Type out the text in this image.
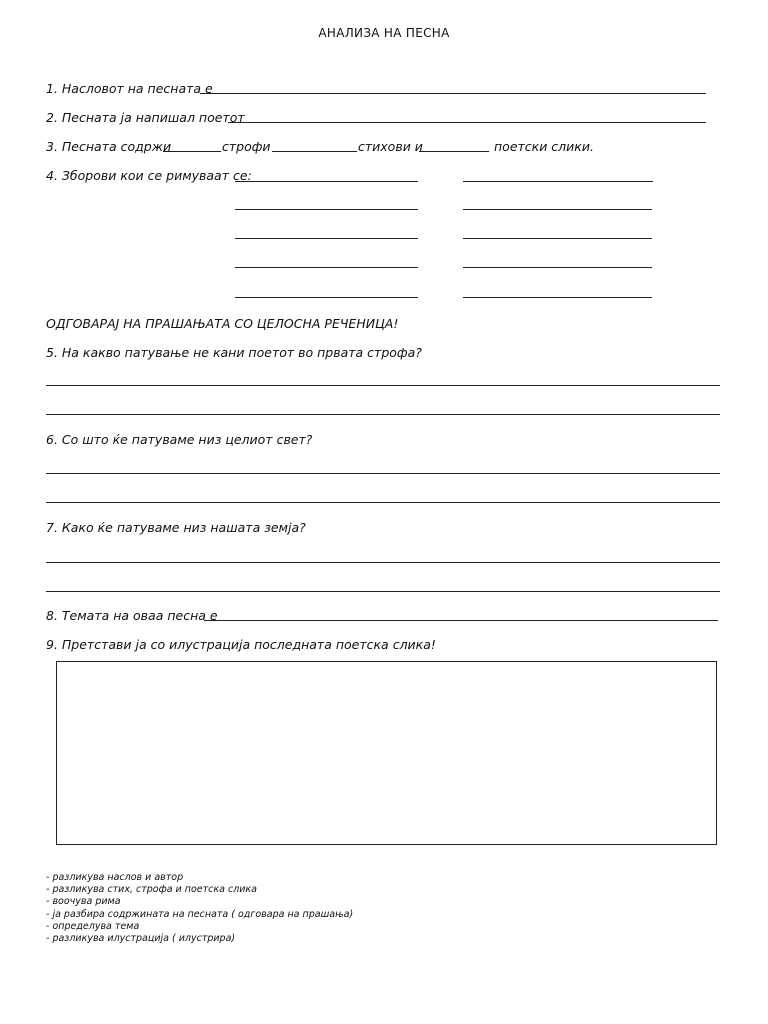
АНАЛИЗА НА ПЕСНА
1. Насловот на песната е
2. Песната ја напишал поетот
3. Песната содржи	строфи	стихови и	поетски слики.
4. Зборови кои се римуваат се:
ОДГОВАРАЈ НА ПРАШАЊАТА СО ЦЕЛОСНА РЕЧЕНИЦА!
5. На какво патување не кани поетот во првата строфа?
6. Со што ќе патуваме низ целиот свет?
7. Како ќе патуваме низ нашата земја?
8. Темата на оваа песна е
9. Претстави ја со илустрација последната поетска слика!
- разликува наслов и автор
- разликува стих, строфа и поетска слика
- воочува рима
- ја разбира содржината на песната ( одговара на прашања)
- определува тема
- разликува илустрација ( илустрира)
